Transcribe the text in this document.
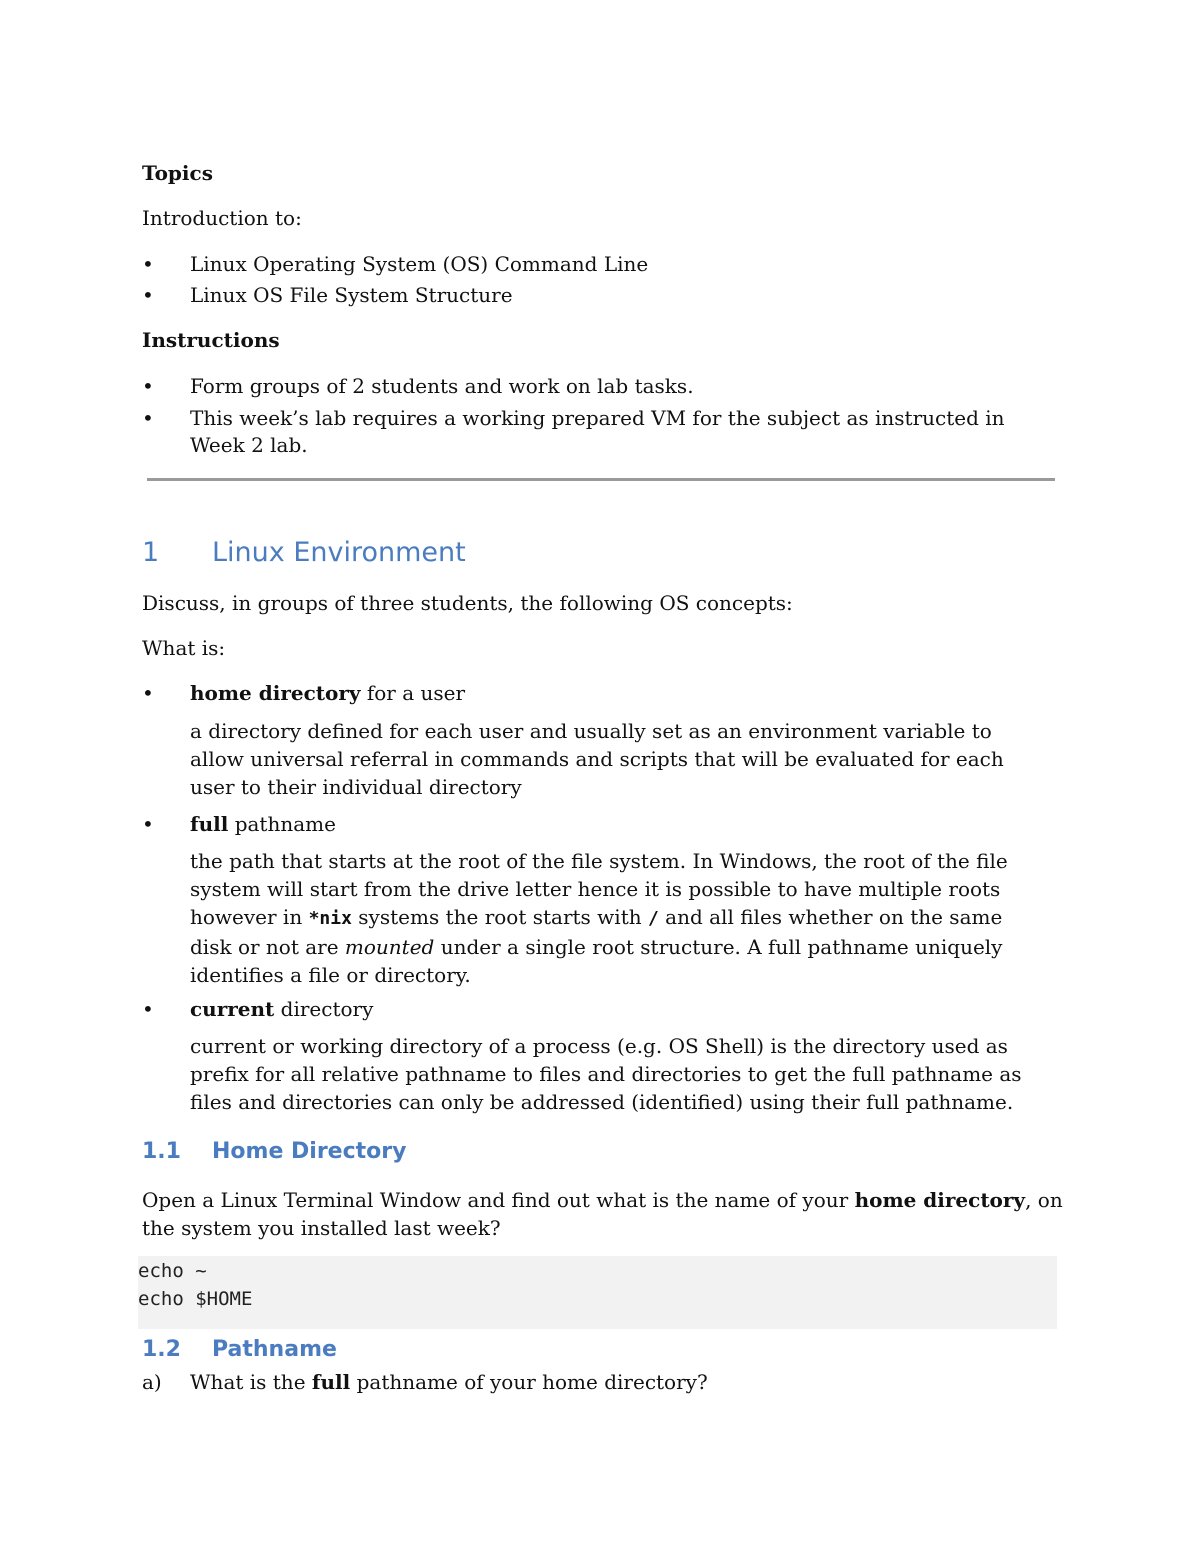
Topics
Introduction to:
• Linux Operating System (OS) Command Line
• Linux OS File System Structure
Instructions
• Form groups of 2 students and work on lab tasks.
• This week’s lab requires a working prepared VM for the subject as instructed in
Week 2 lab.
1 Linux Environment
Discuss, in groups of three students, the following OS concepts:
What is:
• home directory for a user
a directory defined for each user and usually set as an environment variable to
allow universal referral in commands and scripts that will be evaluated for each
user to their individual directory
• full pathname
the path that starts at the root of the file system. In Windows, the root of the file
system will start from the drive letter hence it is possible to have multiple roots
however in *nix systems the root starts with / and all files whether on the same
disk or not are mounted under a single root structure. A full pathname uniquely
identifies a file or directory.
• current directory
current or working directory of a process (e.g. OS Shell) is the directory used as
prefix for all relative pathname to files and directories to get the full pathname as
files and directories can only be addressed (identified) using their full pathname.
1.1 Home Directory
Open a Linux Terminal Window and find out what is the name of your home directory, on
the system you installed last week?
echo ~
echo $HOME
1.2 Pathname
a) What is the full pathname of your home directory?
